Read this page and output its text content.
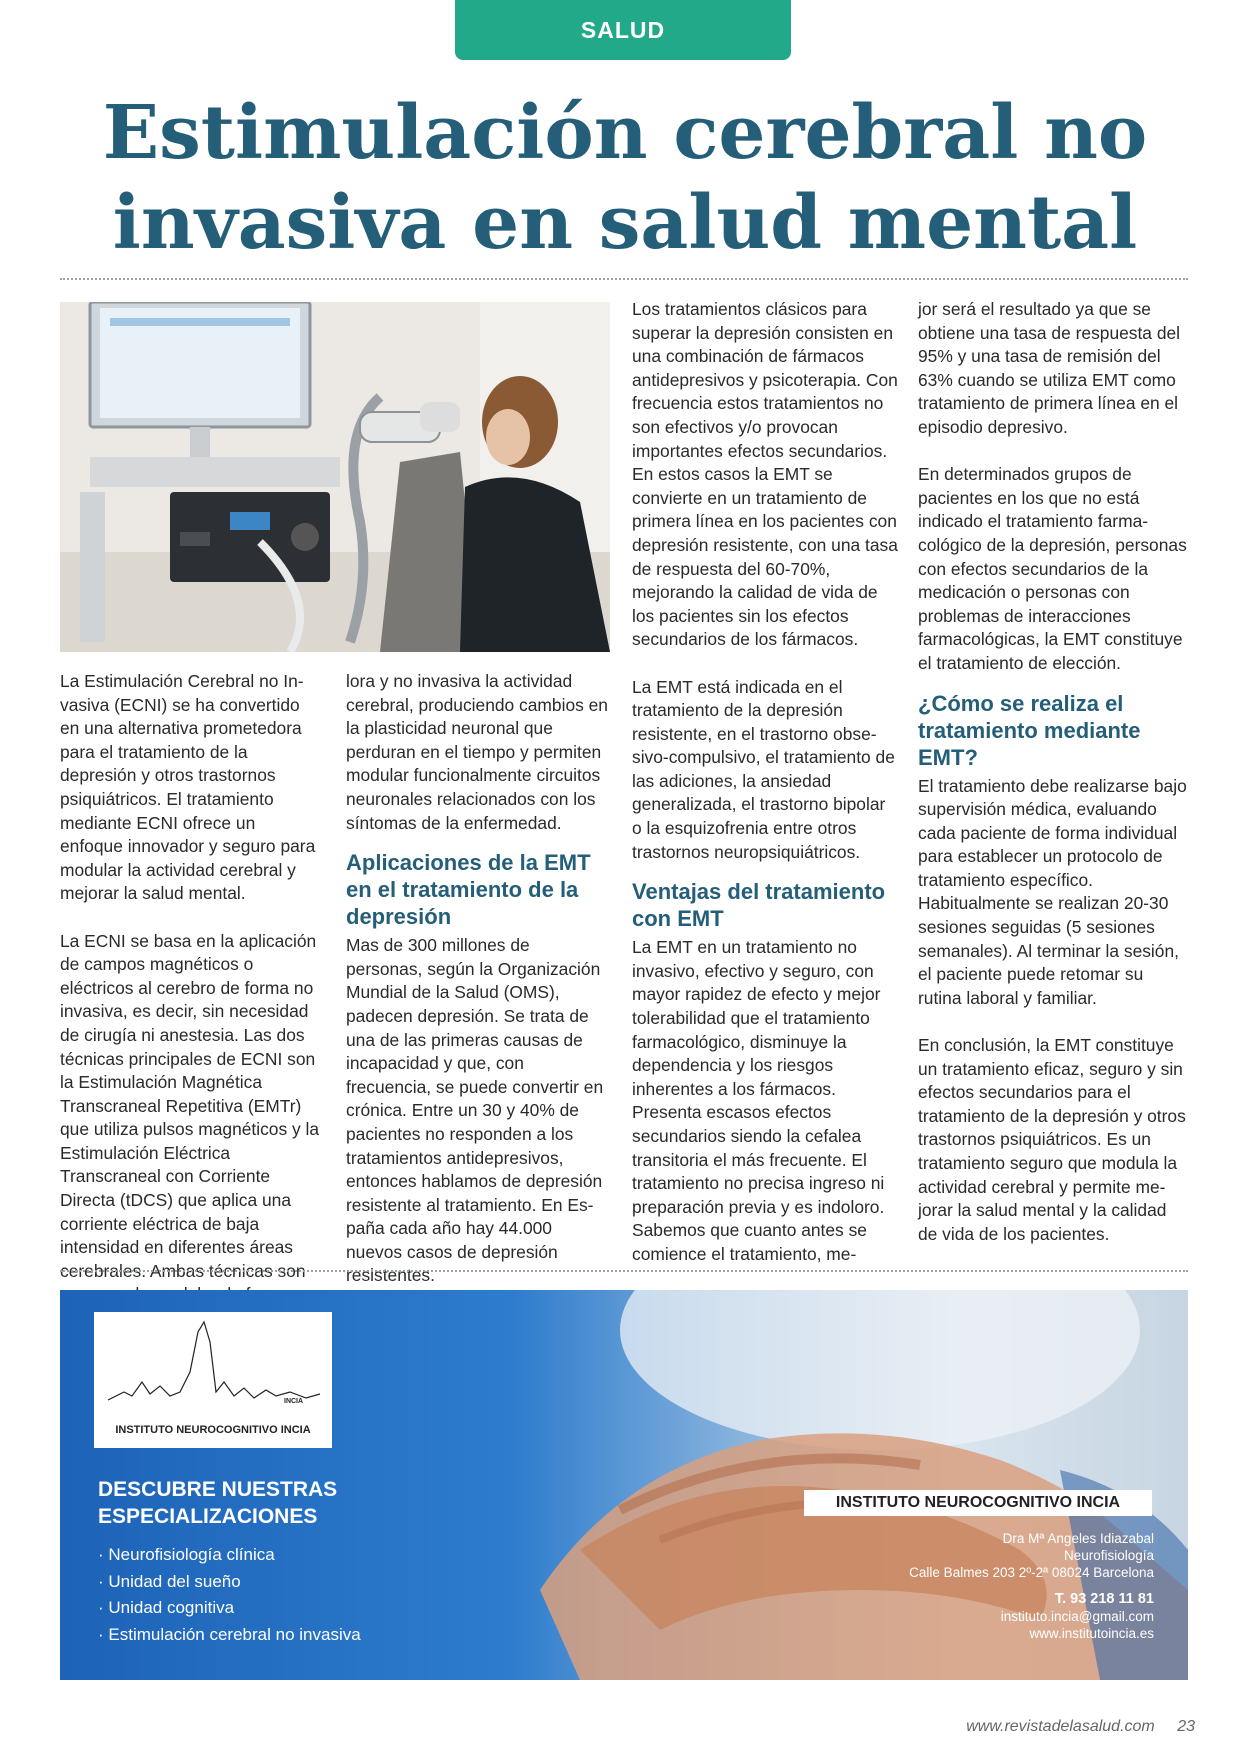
SALUD
Estimulación cerebral no invasiva en salud mental

La Estimulación Cerebral no Invasiva (ECNI) se ha convertido en una alternativa prometedora para el tratamiento de la depresión y otros trastornos psiquiátricos. El tratamiento mediante ECNI ofrece un enfoque innovador y seguro para modular la actividad cerebral y mejorar la salud mental.

La ECNI se basa en la aplicación de campos magnéticos o eléctricos al cerebro de forma no invasiva, es decir, sin necesidad de cirugía ni anestesia. Las dos técnicas principales de ECNI son la Estimulación Magnética Transcraneal Repetitiva (EMTr) que utiliza pulsos magnéticos y la Estimulación Eléctrica Transcraneal con Corriente Directa (tDCS) que aplica una corriente eléctrica de baja intensidad en diferentes áreas cerebrales. Ambas técnicas son

lora y no invasiva la actividad cerebral, produciendo cambios en la plasticidad neuronal que perduran en el tiempo y permiten modular funcionalmente circuitos neuronales relacionados con los síntomas de la enfermedad.

Aplicaciones de la EMT en el tratamiento de la depresión

Mas de 300 millones de personas, según la Organización Mundial de la Salud (OMS), padecen depresión. Se trata de una de las primeras causas de incapacidad y que, con frecuencia, se puede convertir en crónica. Entre un 30 y 40% de pacientes no responden a los tratamientos antidepresivos, entonces hablamos de depresión resistente al tratamiento. En España cada año hay 44.000 nuevos casos de depresión resistentes.

Los tratamientos clásicos para superar la depresión consisten en una combinación de fármacos antidepresivos y psicoterapia. Con frecuencia estos tratamientos no son efectivos y/o provocan importantes efectos secundarios. En estos casos la EMT se convierte en un tratamiento de primera línea en los pacientes con depresión resistente, con una tasa de respuesta del 60-70%, mejorando la calidad de vida de los pacientes sin los efectos secundarios de los fármacos.

La EMT está indicada en el tratamiento de la depresión resistente, en el trastorno obsesivo-compulsivo, el tratamiento de las adiciones, la ansiedad generalizada, el trastorno bipolar o la esquizofrenia entre otros trastornos neuropsiquiátricos.

Ventajas del tratamiento con EMT

La EMT en un tratamiento no invasivo, efectivo y seguro, con mayor rapidez de efecto y mejor tolerabilidad que el tratamiento farmacológico, disminuye la dependencia y los riesgos inherentes a los fármacos. Presenta escasos efectos secundarios siendo la cefalea transitoria el más frecuente. El tratamiento no precisa ingreso ni preparación previa y es indoloro. Sabemos que cuanto antes se comience el tratamiento, me-

jor será el resultado ya que se obtiene una tasa de respuesta del 95% y una tasa de remisión del 63% cuando se utiliza EMT como tratamiento de primera línea en el episodio depresivo.

En determinados grupos de pacientes en los que no está indicado el tratamiento farmacológico de la depresión, personas con efectos secundarios de la medicación o personas con problemas de interacciones farmacológicas, la EMT constituye el tratamiento de elección.

¿Cómo se realiza el tratamiento mediante EMT?

El tratamiento debe realizarse bajo supervisión médica, evaluando cada paciente de forma individual para establecer un protocolo de tratamiento específico. Habitualmente se realizan 20-30 sesiones seguidas (5 sesiones semanales). Al terminar la sesión, el paciente puede retomar su rutina laboral y familiar.

En conclusión, la EMT constituye un tratamiento eficaz, seguro y sin efectos secundarios para el tratamiento de la depresión y otros trastornos psiquiátricos. Es un tratamiento seguro que modula la actividad cerebral y permite mejorar la salud mental y la calidad de vida de los pacientes.

INCIA
INSTITUTO NEUROCOGNITIVO INCIA
DESCUBRE NUESTRAS ESPECIALIZACIONES
· Neurofisiología clínica
· Unidad del sueño
· Unidad cognitiva
· Estimulación cerebral no invasiva
INSTITUTO NEUROCOGNITIVO INCIA
Dra Mª Angeles Idiazabal
Neurofisiología
Calle Balmes 203 2º-2ª 08024 Barcelona
T. 93 218 11 81
instituto.incia@gmail.com
www.institutoincia.es
www.revistadelasalud.com 23
